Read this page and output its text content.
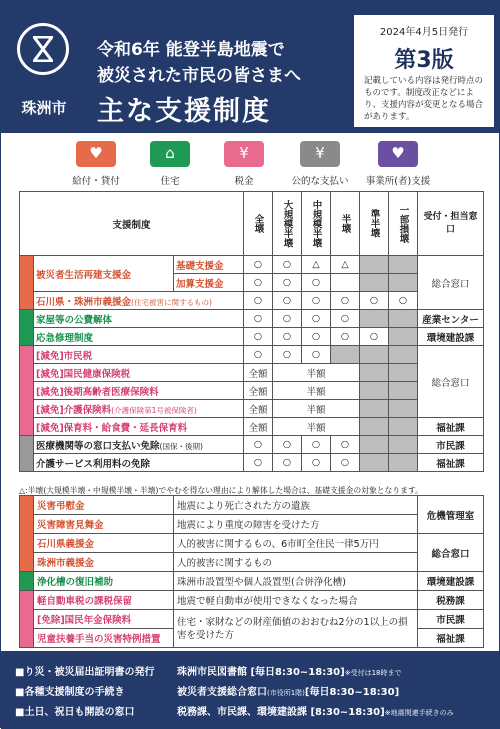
珠洲市
令和6年 能登半島地震で
被災された市民の皆さまへ
主な支援制度
2024年4月5日発行
第3版
記載している内容は発行時点のものです。制度改正などにより、支援内容が変更となる場合があります。
♥
給付・貸付
⌂
住宅
¥
税金
¥
公的な支払い
♥
事業所(者)支援
支援制度			全壊	大規模半壊	中規模半壊	半壊	準半壊	一部損壊	受付・担当窓口
	被災者生活再建支援金	基礎支援金	○	○	△	△			総合窓口
		加算支援金	○	○	○				
	石川県・珠洲市義援金(住宅被害に関するもの)		○	○	○	○	○	○	
	家屋等の公費解体		○	○	○	○			産業センター
	応急修理制度		○	○	○	○	○		環境建設課
	[減免]市民税		○	○	○				総合窓口
	[減免]国民健康保険税		全額	半額					
	[減免]後期高齢者医療保険料		全額	半額					
	[減免]介護保険料(介護保険第1号被保険者)		全額	半額					
	[減免]保育料・給食費・延長保育料		全額	半額					福祉課
	医療機関等の窓口支払い免除(国保・後期)		○	○	○	○			市民課
	介護サービス利用料の免除		○	○	○	○			福祉課
△:半壊(大規模半壊・中規模半壊・半壊)でやむを得ない理由により解体した場合は、基礎支援金の対象となります。
	災害弔慰金	地震により死亡された方の遺族	危機管理室
	災害障害見舞金	地震により重度の障害を受けた方	
	石川県義援金	人的被害に関するもの、6市町全住民一律5万円	総合窓口
	珠洲市義援金	人的被害に関するもの	
	浄化槽の復旧補助	珠洲市設置型や個人設置型(合併浄化槽)	環境建設課
	軽自動車税の課税保留	地震で軽自動車が使用できなくなった場合	税務課
	[免除]国民年金保険料	住宅・家財などの財産価値のおおむね2分の1以上の損害を受けた方	市民課
	児童扶養手当の災害特例措置		福祉課
■り災・被災届出証明書の発行 珠洲市民図書館 [毎日8:30~18:30]※受付は18時まで
■各種支援制度の手続き	被災者支援総合窓口(市役所1階)[毎日8:30~18:30]
■土日、祝日も開設の窓口	税務課、市民課、環境建設課 [8:30~18:30]※地震関連手続きのみ
